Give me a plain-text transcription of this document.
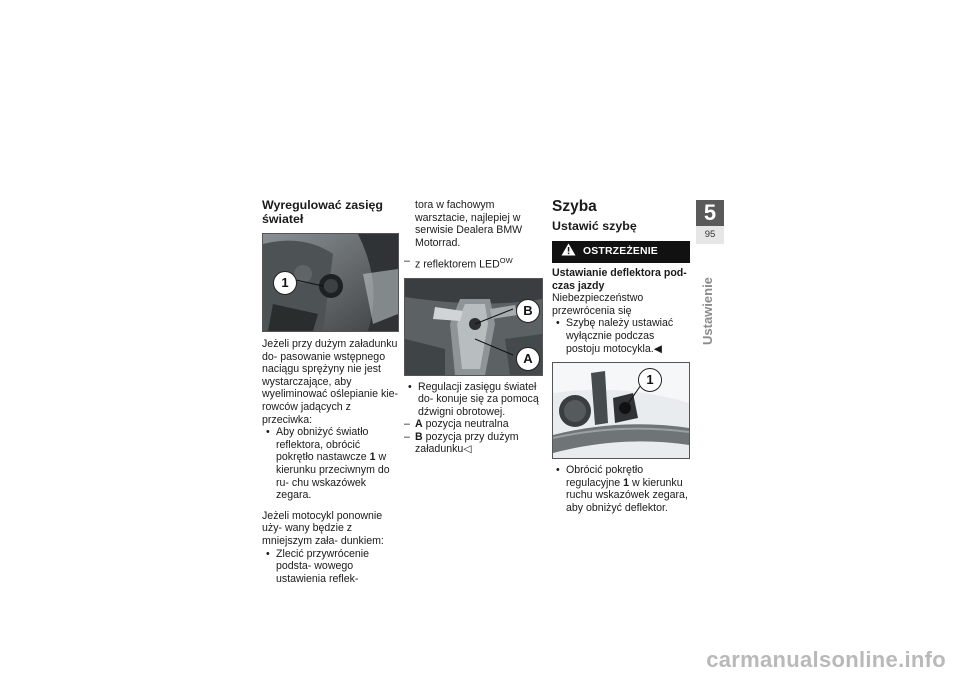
Wyregulować zasięg świateł
1

Jeżeli przy dużym załadunku do- pasowanie wstępnego naciągu sprężyny nie jest wystarczające, aby wyeliminować oślepianie kie- rowców jadących z przeciwka:

• Aby obniżyć światło reflektora, obrócić pokrętło nastawcze 1 w kierunku przeciwnym do ru- chu wskazówek zegara.

Jeżeli motocykl ponownie uży- wany będzie z mniejszym zała- dunkiem:

• Zlecić przywrócenie podsta- wowego ustawienia reflek-

tora w fachowym warsztacie, najlepiej w serwisie Dealera BMW Motorrad.

– z reflektorem $LED^{OW}$

B
A

• Regulacji zasięgu świateł do- konuje się za pomocą dźwigni obrotowej.

– A pozycja neutralna

– B pozycja przy dużym załadunku◁

Szyba
Ustawić szybę
OSTRZEŻENIE

Ustawianie deflektora pod- czas jazdy

Niebezpieczeństwo przewrócenia się

• Szybę należy ustawiać wyłącznie podczas postoju motocykla.◀

1

• Obrócić pokrętło regulacyjne 1 w kierunku ruchu wskazówek zegara, aby obniżyć deflektor.

5
95
Ustawienie
carmanualsonline.info
